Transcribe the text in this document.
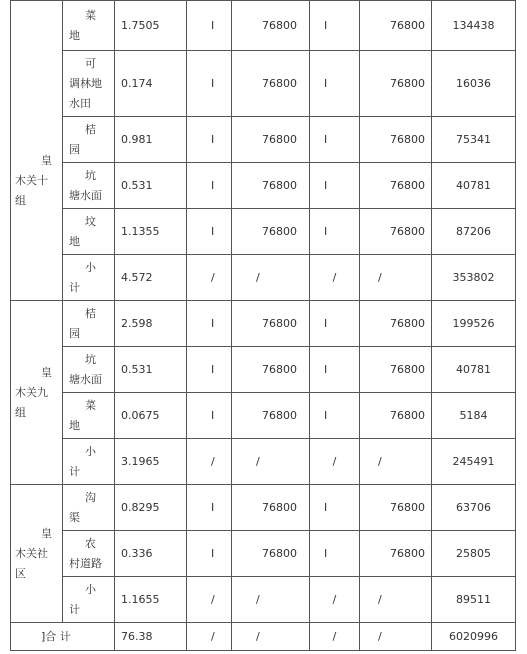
皇
木关十
组	菜
地	1.7505	I	76800	I	76800	134438

	可
调林地
水田	0.174	I	76800	I	76800	16036

	桔
园	0.981	I	76800	I	76800	75341

	坑
塘水面	0.531	I	76800	I	76800	40781

	坟
地	1.1355	I	76800	I	76800	87206

	小
计	4.572	/	/	/	/	353802

皇
木关九
组	桔
园	2.598	I	76800	I	76800	199526

	坑
塘水面	0.531	I	76800	I	76800	40781

	菜
地	0.0675	I	76800	I	76800	5184

	小
计	3.1965	/	/	/	/	245491

皇
木关社
区	沟
渠	0.8295	I	76800	I	76800	63706

	农
村道路	0.336	I	76800	I	76800	25805

	小
计	1.1655	/	/	/	/	89511
]合 计		76.38	/	/	/	/	6020996
